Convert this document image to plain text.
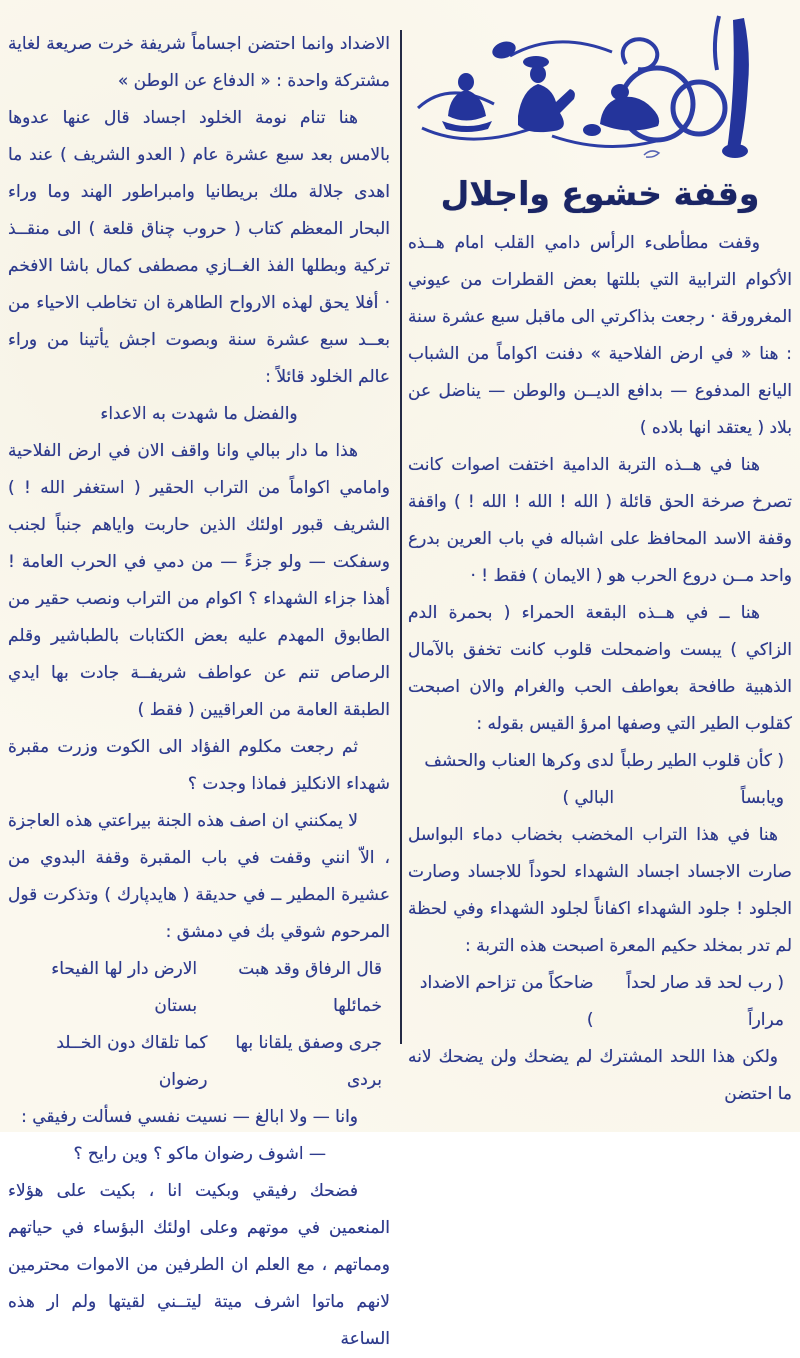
وقفة خشوع واجلال

وقفت مطأطىء الرأس دامي القلب امام هــذه الأكوام الترابية التي بللتها بعض القطرات من عيوني المغرورقة · رجعت بذاكرتي الى ماقبل سبع عشرة سنة : هنا « في ارض الفلاحية » دفنت اكواماً من الشباب اليانع المدفوع — بدافع الديــن والوطن — يناضل عن بلاد ( يعتقد انها بلاده )

هنا في هــذه التربة الدامية اختفت اصوات كانت تصرخ صرخة الحق قائلة ( الله ! الله ! الله ! ) واقفة وقفة الاسد المحافظ على اشباله في باب العرين بدرع واحد مــن دروع الحرب هو ( الايمان ) فقط ! ·

هنا ــ في هــذه البقعة الحمراء ( بحمرة الدم الزاكي ) يبست واضمحلت قلوب كانت تخفق بالآمال الذهبية طافحة بعواطف الحب والغرام والان اصبحت كقلوب الطير التي وصفها امرؤ القيس بقوله :

( كأن قلوب الطير رطباً ويابساً
لدى وكرها العناب والحشف البالي )

هنا في هذا التراب المخضب بخضاب دماء البواسل صارت الاجساد اجساد الشهداء لحوداً للاجساد وصارت الجلود ! جلود الشهداء اكفاناً لجلود الشهداء وفي لحظة لم تدر بمخلد حكيم المعرة اصبحت هذه التربة :

( رب لحد قد صار لحداً مراراً
ضاحكاً من تزاحم الاضداد )

ولكن هذا اللحد المشترك لم يضحك ولن يضحك لانه ما احتضن

الاضداد وانما احتضن اجساماً شريفة خرت صريعة لغاية مشتركة واحدة : « الدفاع عن الوطن »

هنا تنام نومة الخلود اجساد قال عنها عدوها بالامس بعد سبع عشرة عام ( العدو الشريف ) عند ما اهدى جلالة ملك بريطانيا وامبراطور الهند وما وراء البحار المعظم كتاب ( حروب چناق قلعة ) الى منقــذ تركية وبطلها الفذ الغــازي مصطفى كمال باشا الافخم · أفلا يحق لهذه الارواح الطاهرة ان تخاطب الاحياء من بعــد سبع عشرة سنة وبصوت اجش يأتينا من وراء عالم الخلود قائلاً :

والفضل ما شهدت به الاعداء

هذا ما دار ببالي وانا واقف الان في ارض الفلاحية وامامي اكواماً من التراب الحقير ( استغفر الله ! ) الشريف قبور اولئك الذين حاربت واياهم جنباً لجنب وسفكت — ولو جزءً — من دمي في الحرب العامة ! أهذا جزاء الشهداء ؟ اكوام من التراب ونصب حقير من الطابوق المهدم عليه بعض الكتابات بالطباشير وقلم الرصاص تنم عن عواطف شريفــة جادت بها ايدي الطبقة العامة من العراقيين ( فقط )

ثم رجعت مكلوم الفؤاد الى الكوت وزرت مقبرة شهداء الانكليز فماذا وجدت ؟

لا يمكنني ان اصف هذه الجنة بيراعتي هذه العاجزة ، الاّ انني وقفت في باب المقبرة وقفة البدوي من عشيرة المطير ــ في حديقة ( هايدپارك ) وتذكرت قول المرحوم شوقي بك في دمشق :

قال الرفاق وقد هبت خمائلها
الارض دار لها الفيحاء بستان
جرى وصفق يلقانا بها بردى
كما تلقاك دون الخــلد رضوان

وانا — ولا ابالغ — نسيت نفسي فسألت رفيقي :

— اشوف رضوان ماكو ؟ وين رايح ؟

فضحك رفيقي وبكيت انا ، بكيت على هؤلاء المنعمين في موتهم وعلى اولئك البؤساء في حياتهم ومماتهم ، مع العلم ان الطرفين من الاموات محترمين لانهم ماتوا اشرف ميتة ليتــني لقيتها ولم ار هذه الساعة
